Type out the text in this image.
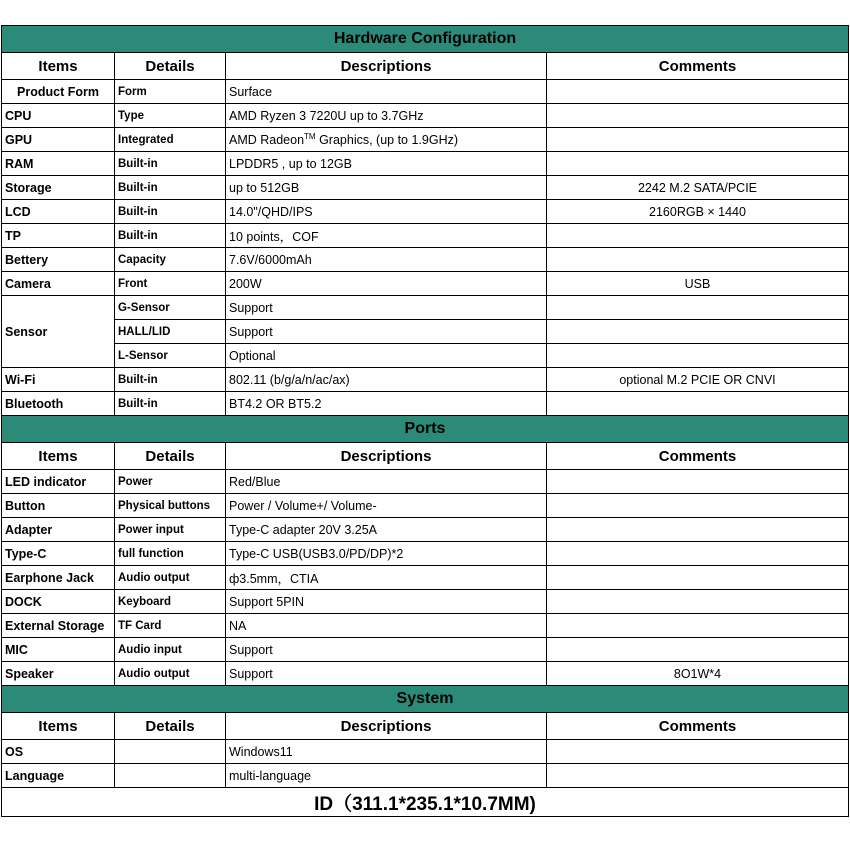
Hardware Configuration			
Items	Details	Descriptions	Comments
Product Form	Form	Surface	
CPU	Type	AMD Ryzen 3 7220U up to 3.7GHz	
GPU	Integrated	AMD Radeon™ Graphics, (up to 1.9GHz)	
RAM	Built-in	LPDDR5 , up to 12GB	
Storage	Built-in	up to 512GB	2242 M.2 SATA/PCIE
LCD	Built-in	14.0"/QHD/IPS	2160RGB × 1440
TP	Built-in	10 points，COF	
Bettery	Capacity	7.6V/6000mAh	
Camera	Front	200W	USB
Sensor	G-Sensor	Support	
	HALL/LID	Support	
	L-Sensor	Optional	
Wi-Fi	Built-in	802.11 (b/g/a/n/ac/ax)	optional M.2 PCIE OR CNVI
Bluetooth	Built-in	BT4.2 OR BT5.2	
Ports			
Items	Details	Descriptions	Comments
LED indicator	Power	Red/Blue	
Button	Physical buttons	Power / Volume+/ Volume-	
Adapter	Power input	Type-C adapter 20V 3.25A	
Type-C	full function	Type-C USB(USB3.0/PD/DP)*2	
Earphone Jack	Audio output	ф3.5mm，CTIA	
DOCK	Keyboard	Support 5PIN	
External Storage	TF Card	NA	
MIC	Audio input	Support	
Speaker	Audio output	Support	8O1W*4
System			
Items	Details	Descriptions	Comments
OS		Windows11	
Language		multi-language	
ID（311.1*235.1*10.7MM)			
